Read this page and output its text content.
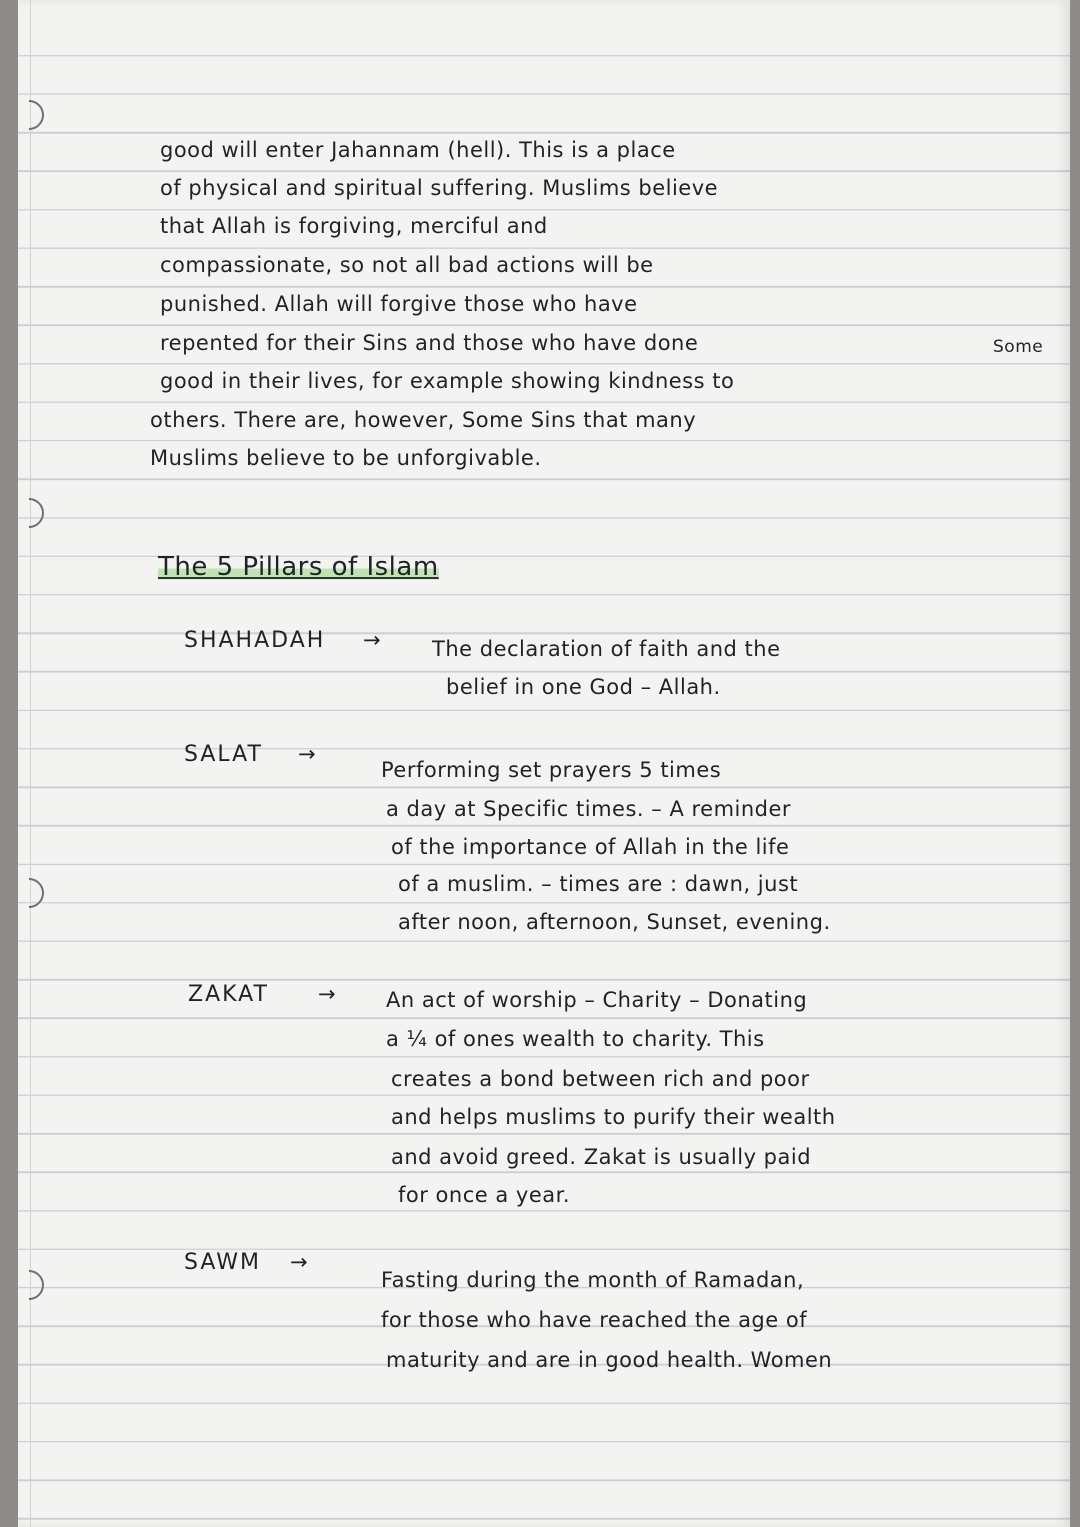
good will enter Jahannam (hell). This is a place
of physical and spiritual suffering. Muslims believe
that Allah is forgiving, merciful and
compassionate, so not all bad actions will be
punished. Allah will forgive those who have
repented for their Sins and those who have done	Some
good in their lives, for example showing kindness to
others. There are, however, Some Sins that many
Muslims believe to be unforgivable.
The 5 Pillars of Islam
SHAHADAH → The declaration of faith and the
belief in one God – Allah.
SALAT →
Performing set prayers 5 times
a day at Specific times. – A reminder
of the importance of Allah in the life
of a muslim. – times are : dawn, just
after noon, afternoon, Sunset, evening.
ZAKAT → An act of worship – Charity – Donating
a ¼ of ones wealth to charity. This
creates a bond between rich and poor
and helps muslims to purify their wealth
and avoid greed. Zakat is usually paid
for once a year.
SAWM →
Fasting during the month of Ramadan,
for those who have reached the age of
maturity and are in good health. Women
